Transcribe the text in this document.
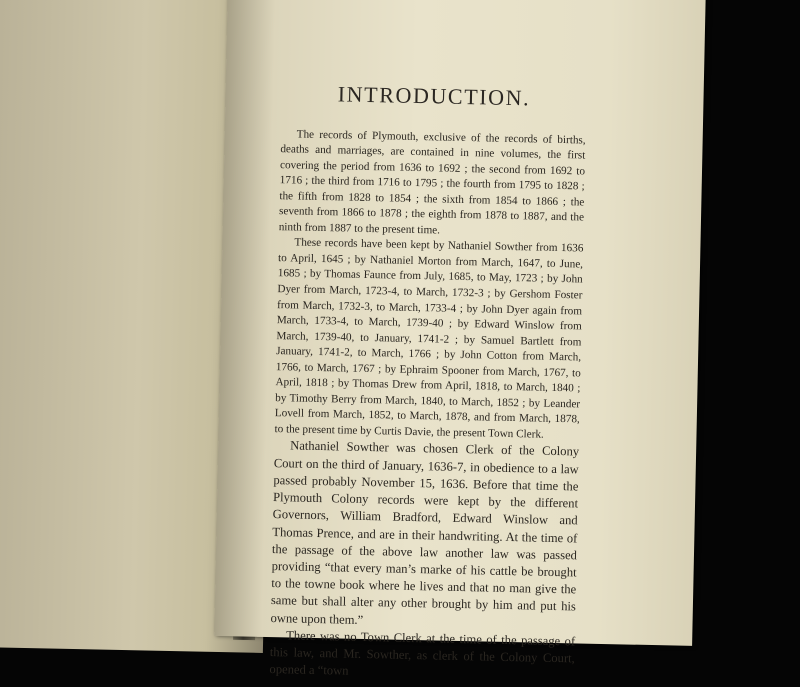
INTRODUCTION.

The records of Plymouth, exclusive of the records of births, deaths and marriages, are contained in nine volumes, the first covering the period from 1636 to 1692 ; the second from 1692 to 1716 ; the third from 1716 to 1795 ; the fourth from 1795 to 1828 ; the fifth from 1828 to 1854 ; the sixth from 1854 to 1866 ; the seventh from 1866 to 1878 ; the eighth from 1878 to 1887, and the ninth from 1887 to the present time.

These records have been kept by Nathaniel Sowther from 1636 to April, 1645 ; by Nathaniel Morton from March, 1647, to June, 1685 ; by Thomas Faunce from July, 1685, to May, 1723 ; by John Dyer from March, 1723-4, to March, 1732-3 ; by Gershom Foster from March, 1732-3, to March, 1733-4 ; by John Dyer again from March, 1733-4, to March, 1739-40 ; by Edward Winslow from March, 1739-40, to January, 1741-2 ; by Samuel Bartlett from January, 1741-2, to March, 1766 ; by John Cotton from March, 1766, to March, 1767 ; by Ephraim Spooner from March, 1767, to April, 1818 ; by Thomas Drew from April, 1818, to March, 1840 ; by Timothy Berry from March, 1840, to March, 1852 ; by Leander Lovell from March, 1852, to March, 1878, and from March, 1878, to the present time by Curtis Davie, the present Town Clerk.

Nathaniel Sowther was chosen Clerk of the Colony Court on the third of January, 1636-7, in obedience to a law passed probably November 15, 1636. Before that time the Plymouth Colony records were kept by the different Governors, William Bradford, Edward Winslow and Thomas Prence, and are in their handwriting. At the time of the passage of the above law another law was passed providing “that every man’s marke of his cattle be brought to the towne book where he lives and that no man give the same but shall alter any other brought by him and put his owne upon them.”

There was no Town Clerk at the time of the passage of this law, and Mr. Sowther, as clerk of the Colony Court, opened a “town
